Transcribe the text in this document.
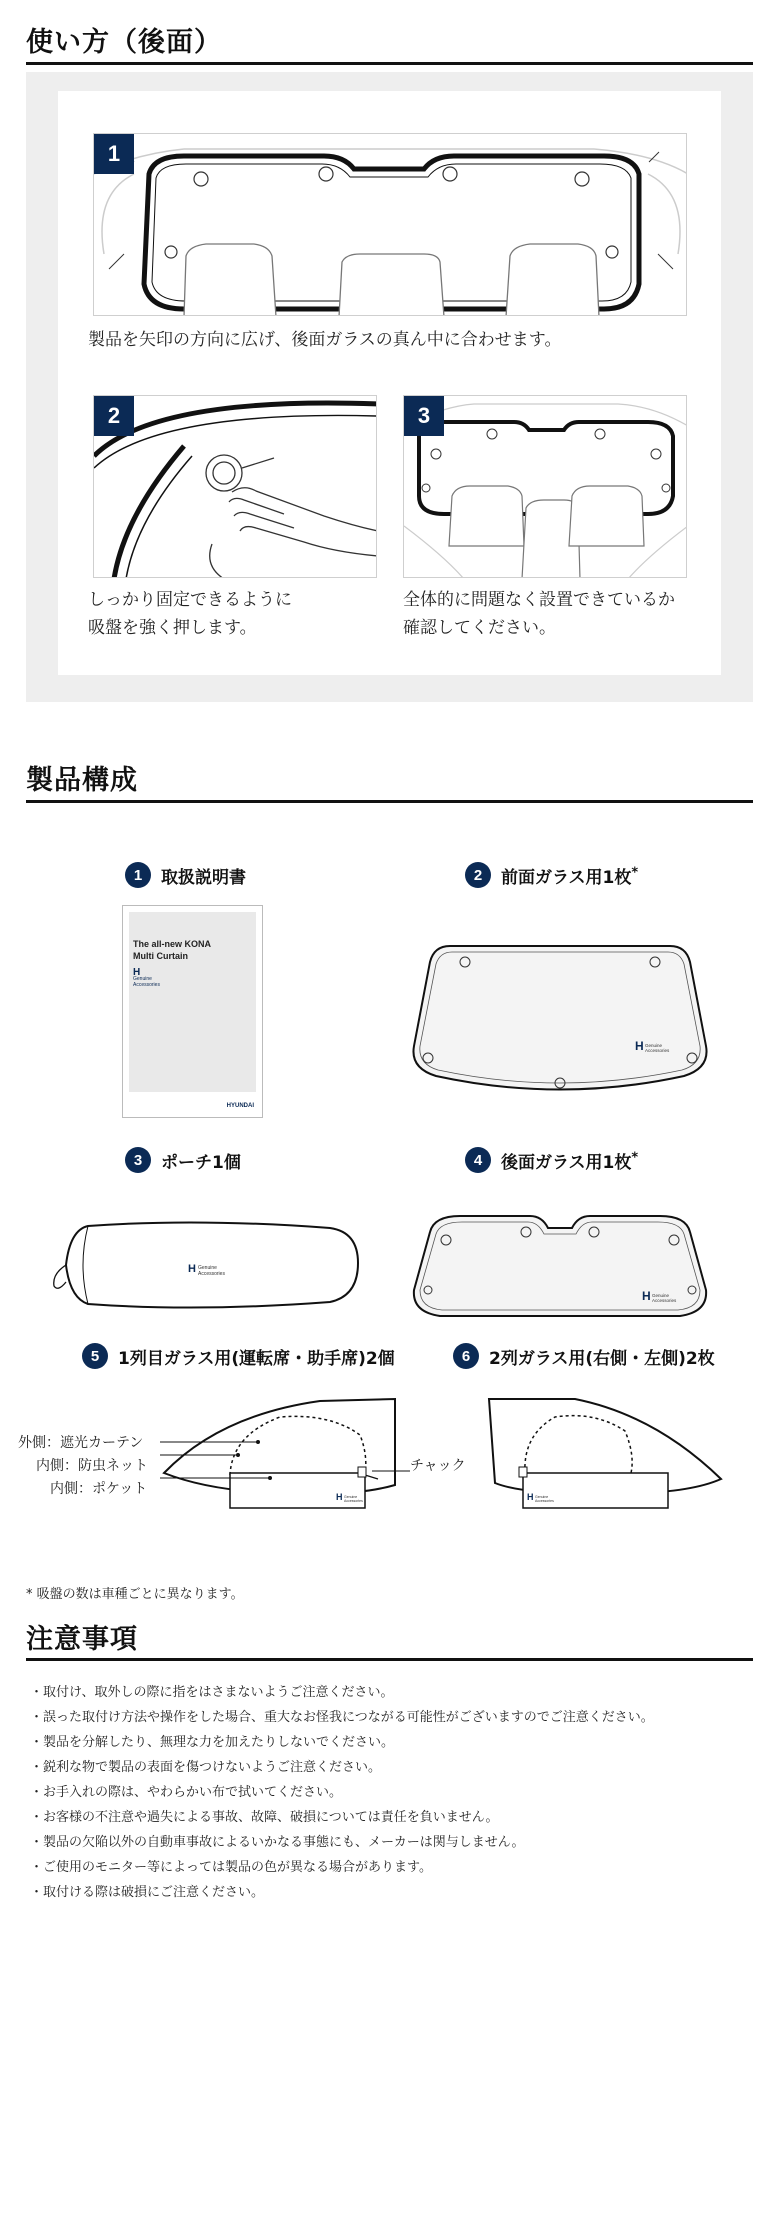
使い方（後面）
1
製品を矢印の方向に広げ、後面ガラスの真ん中に合わせます。
2
しっかり固定できるように
吸盤を強く押します。
3
全体的に問題なく設置できているか
確認してください。
製品構成
1	取扱説明書
The all-new KONA
Multi Curtain
H
Genuine
Accessories
HYUNDAI
2	前面ガラス用1枚*
H Genuine
Accessories
3	ポーチ1個
H Genuine
Accessories
4	後面ガラス用1枚*
H Genuine
Accessories
5	1列目ガラス用(運転席・助手席)2個
H Genuine
Accessories
外側：遮光カーテン
内側：防虫ネット
内側：ポケット
チャック
6	2列ガラス用(右側・左側)2枚
H Genuine
Accessories
* 吸盤の数は車種ごとに異なります。
注意事項
・ 取付け、取外しの際に指をはさまないようご注意ください。
・ 誤った取付け方法や操作をした場合、重大なお怪我につながる可能性がございますのでご注意ください。
・ 製品を分解したり、無理な力を加えたりしないでください。
・ 鋭利な物で製品の表面を傷つけないようご注意ください。
・ お手入れの際は、やわらかい布で拭いてください。
・ お客様の不注意や過失による事故、故障、破損については責任を負いません。
・ 製品の欠陥以外の自動車事故によるいかなる事態にも、メーカーは関与しません。
・ ご使用のモニター等によっては製品の色が異なる場合があります。
・ 取付ける際は破損にご注意ください。
